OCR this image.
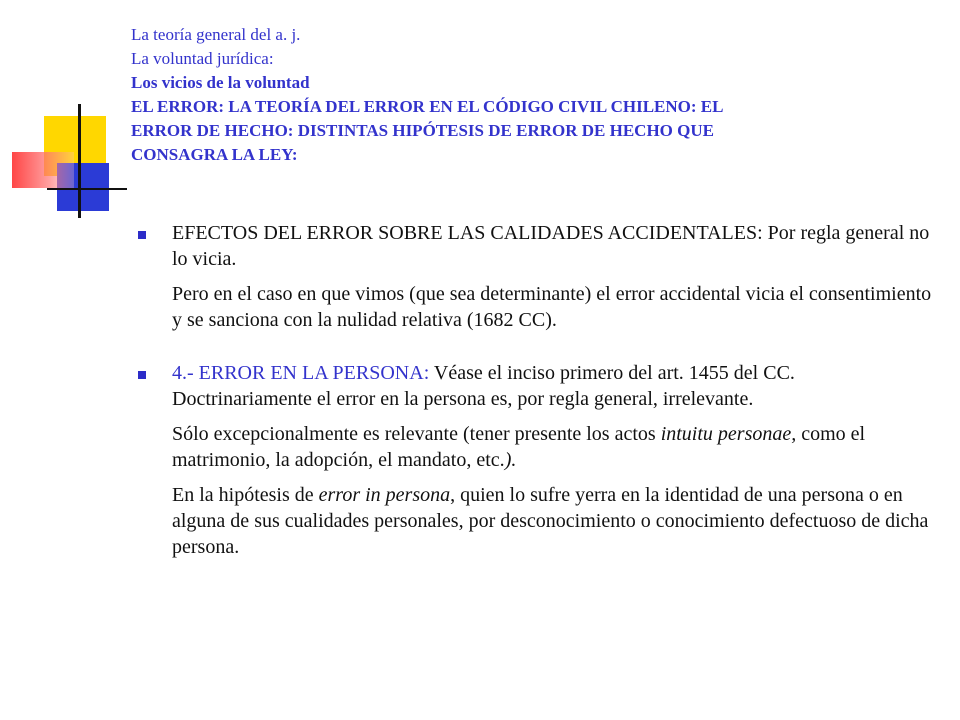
La teoría general del a. j.
La voluntad jurídica:
Los vicios de la voluntad
EL ERROR: LA TEORÍA DEL ERROR EN EL CÓDIGO CIVIL CHILENO: EL
ERROR DE HECHO: DISTINTAS HIPÓTESIS DE ERROR DE HECHO QUE
CONSAGRA LA LEY:

EFECTOS DEL ERROR SOBRE LAS CALIDADES ACCIDENTALES: Por regla general no lo vicia.

Pero en el caso en que vimos (que sea determinante) el error accidental vicia el consentimiento y se sanciona con la nulidad relativa (1682 CC).

4.- ERROR EN LA PERSONA: Véase el inciso primero del art. 1455 del CC. Doctrinariamente el error en la persona es, por regla general, irrelevante.

Sólo excepcionalmente es relevante (tener presente los actos intuitu personae, como el matrimonio, la adopción, el mandato, etc.).

En la hipótesis de error in persona, quien lo sufre yerra en la identidad de una persona o en alguna de sus cualidades personales, por desconocimiento o conocimiento defectuoso de dicha persona.
